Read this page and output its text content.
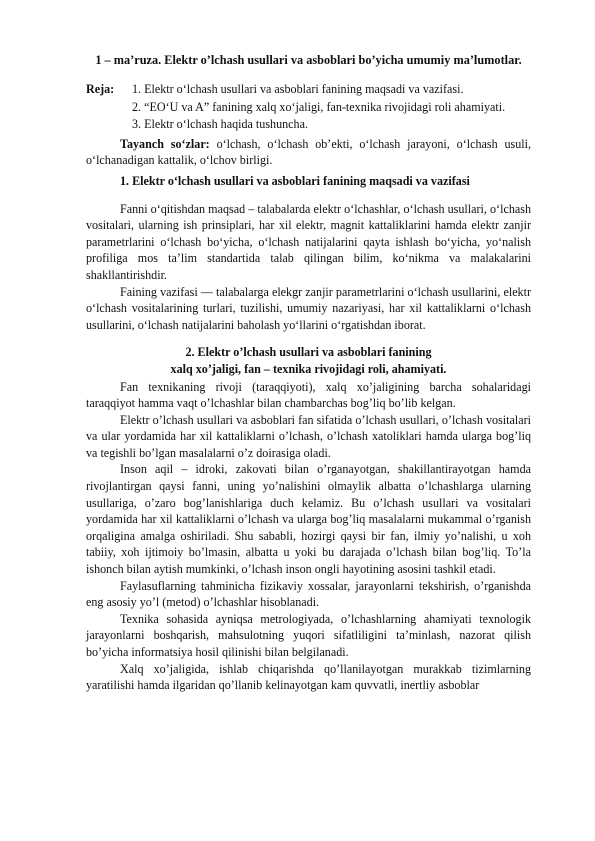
1 – ma’ruza. Elektr o’lchash usullari va asboblari bo’yicha umumiy ma’lumotlar.
Reja:	1. Elektr oʻlchash usullari va asboblari fanining maqsadi va vazifasi.
2. “EOʻU va A” fanining xalq xoʻjaligi, fan-texnika rivojidagi roli ahamiyati.
3. Elektr oʻlchash haqida tushuncha.

Tayanch soʻzlar: oʻlchash, oʻlchash obʼekti, oʻlchash jarayoni, oʻlchash usuli, oʻlchanadigan kattalik, oʻlchov birligi.

1. Elektr oʻlchash usullari va asboblari fanining maqsadi va vazifasi

Fanni oʻqitishdan maqsad – talabalarda elektr oʻlchashlar, oʻlchash usullari, oʻlchash vositalari, ularning ish prinsiplari, har xil elektr, magnit kattaliklarini hamda elektr zanjir parametrlarini oʻlchash boʻyicha, oʻlchash natijalarini qayta ishlash boʻyicha, yoʻnalish profiliga mos taʼlim standartida talab qilingan bilim, koʻnikma va malakalarini shakllantirishdir.

Faining vazifasi — talabalarga elekgr zanjir parametrlarini oʻlchash usullarini, elektr oʻlchash vositalarining turlari, tuzilishi, umumiy nazariyasi, har xil kattaliklarni oʻlchash usullarini, oʻlchash natijalarini baholash yoʻllarini oʻrgatishdan iborat.

2. Elektr o’lchash usullari va asboblari fanining
xalq xo’jaligi, fan – texnika rivojidagi roli, ahamiyati.

Fan texnikaning rivoji (taraqqiyoti), xalq xo’jaligining barcha sohalaridagi taraqqiyot hamma vaqt o’lchashlar bilan chambarchas bog’liq bo’lib kelgan.

Elektr o’lchash usullari va asboblari fan sifatida o’lchash usullari, o’lchash vositalari va ular yordamida har xil kattaliklarni o’lchash, o’lchash xatoliklari hamda ularga bog’liq va tegishli bo’lgan masalalarni o’z doirasiga oladi.

Inson aqil – idroki, zakovati bilan o’rganayotgan, shakillantirayotgan hamda rivojlantirgan qaysi fanni, uning yo’nalishini olmaylik albatta o’lchashlarga ularning usullariga, o’zaro bog’lanishlariga duch kelamiz. Bu o’lchash usullari va vositalari yordamida har xil kattaliklarni o’lchash va ularga bog’liq masalalarni mukammal o’rganish orqaligina amalga oshiriladi. Shu sababli, hozirgi qaysi bir fan, ilmiy yo’nalishi, u xoh tabiiy, xoh ijtimoiy bo’lmasin, albatta u yoki bu darajada o’lchash bilan bog’liq. To’la ishonch bilan aytish mumkinki, o’lchash inson ongli hayotining asosini tashkil etadi.

Faylasuflarning tahminicha fizikaviy xossalar, jarayonlarni tekshirish, o’rganishda eng asosiy yo’l (metod) o’lchashlar hisoblanadi.

Texnika sohasida ayniqsa metrologiyada, o’lchashlarning ahamiyati texnologik jarayonlarni boshqarish, mahsulotning yuqori sifatliligini ta’minlash, nazorat qilish bo’yicha informatsiya hosil qilinishi bilan belgilanadi.

Xalq xo’jaligida, ishlab chiqarishda qo’llanilayotgan murakkab tizimlarning yaratilishi hamda ilgaridan qo’llanib kelinayotgan kam quvvatli, inertliy asboblar
